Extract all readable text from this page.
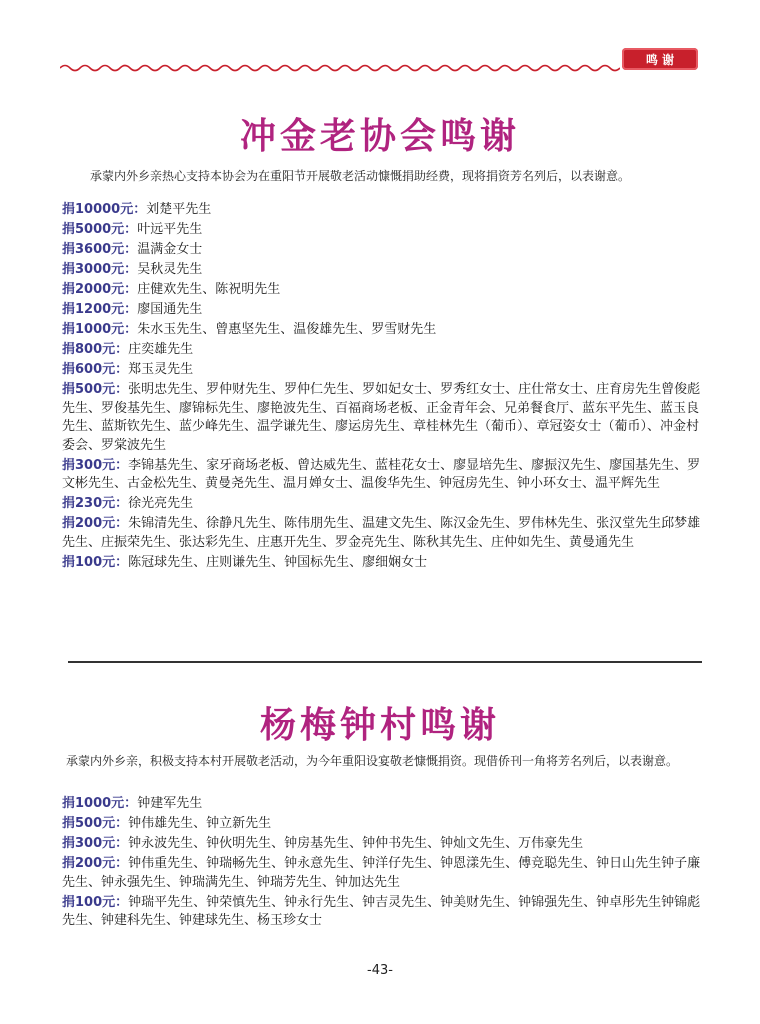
鸣 谢
冲金老协会鸣谢
承蒙内外乡亲热心支持本协会为在重阳节开展敬老活动慷慨捐助经费，现将捐资芳名列后，以表谢意。
捐10000元：刘楚平先生
捐5000元：叶远平先生
捐3600元：温满金女士
捐3000元：吴秋灵先生
捐2000元：庄健欢先生、陈祝明先生
捐1200元：廖国通先生
捐1000元：朱水玉先生、曾惠坚先生、温俊雄先生、罗雪财先生
捐800元：庄奕雄先生
捐600元：郑玉灵先生
捐500元：张明忠先生、罗仲财先生、罗仲仁先生、罗如妃女士、罗秀红女士、庄仕常女士、庄育房先生曾俊彪先生、罗俊基先生、廖锦标先生、廖艳波先生、百福商场老板、正金青年会、兄弟餐食厅、蓝东平先生、蓝玉良先生、蓝斯钦先生、蓝少峰先生、温学谦先生、廖运房先生、章桂林先生（葡币）、章冠姿女士（葡币）、冲金村委会、罗棠波先生
捐300元：李锦基先生、家牙商场老板、曾达威先生、蓝桂花女士、廖显培先生、廖振汉先生、廖国基先生、罗文彬先生、古金松先生、黄曼尧先生、温月婵女士、温俊华先生、钟冠房先生、钟小环女士、温平辉先生
捐230元：徐光亮先生
捐200元：朱锦清先生、徐静凡先生、陈伟朋先生、温建文先生、陈汉金先生、罗伟林先生、张汉堂先生邱梦雄先生、庄振荣先生、张达彩先生、庄惠开先生、罗金亮先生、陈秋其先生、庄仲如先生、黄曼通先生
捐100元：陈冠球先生、庄则谦先生、钟国标先生、廖细娴女士
杨梅钟村鸣谢
承蒙内外乡亲，积极支持本村开展敬老活动，为今年重阳设宴敬老慷慨捐资。现借侨刊一角将芳名列后，以表谢意。
捐1000元：钟建军先生
捐500元：钟伟雄先生、钟立新先生
捐300元：钟永波先生、钟伙明先生、钟房基先生、钟仲书先生、钟灿文先生、万伟豪先生
捐200元：钟伟重先生、钟瑞畅先生、钟永意先生、钟洋仔先生、钟恩漾先生、傅竞聪先生、钟日山先生钟子廉先生、钟永强先生、钟瑞满先生、钟瑞芳先生、钟加达先生
捐100元：钟瑞平先生、钟荣慎先生、钟永行先生、钟吉灵先生、钟美财先生、钟锦强先生、钟卓彤先生钟锦彪先生、钟建科先生、钟建球先生、杨玉珍女士
-43-
